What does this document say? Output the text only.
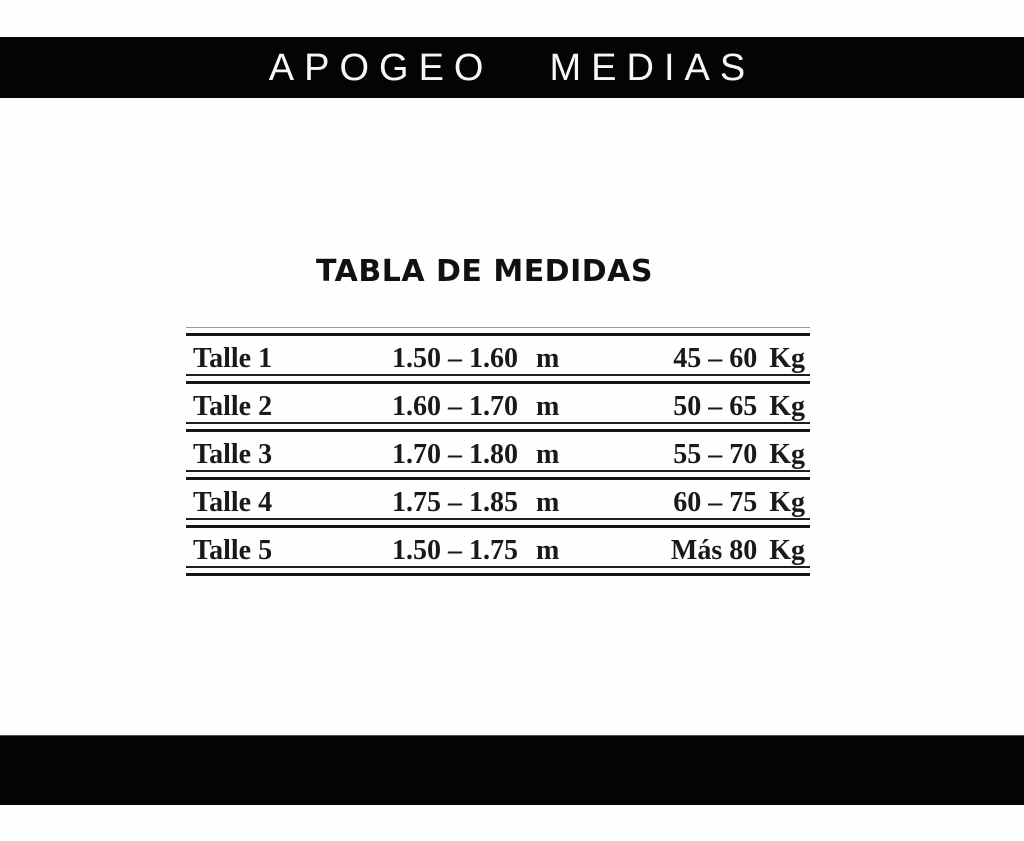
APOGEO MEDIAS
TABLA DE MEDIDAS
Talle 1	1.50 – 1.60 m	45 – 60 Kg
Talle 2	1.60 – 1.70 m	50 – 65 Kg
Talle 3	1.70 – 1.80 m	55 – 70 Kg
Talle 4	1.75 – 1.85 m	60 – 75 Kg
Talle 5	1.50 – 1.75 m	Más 80 Kg
